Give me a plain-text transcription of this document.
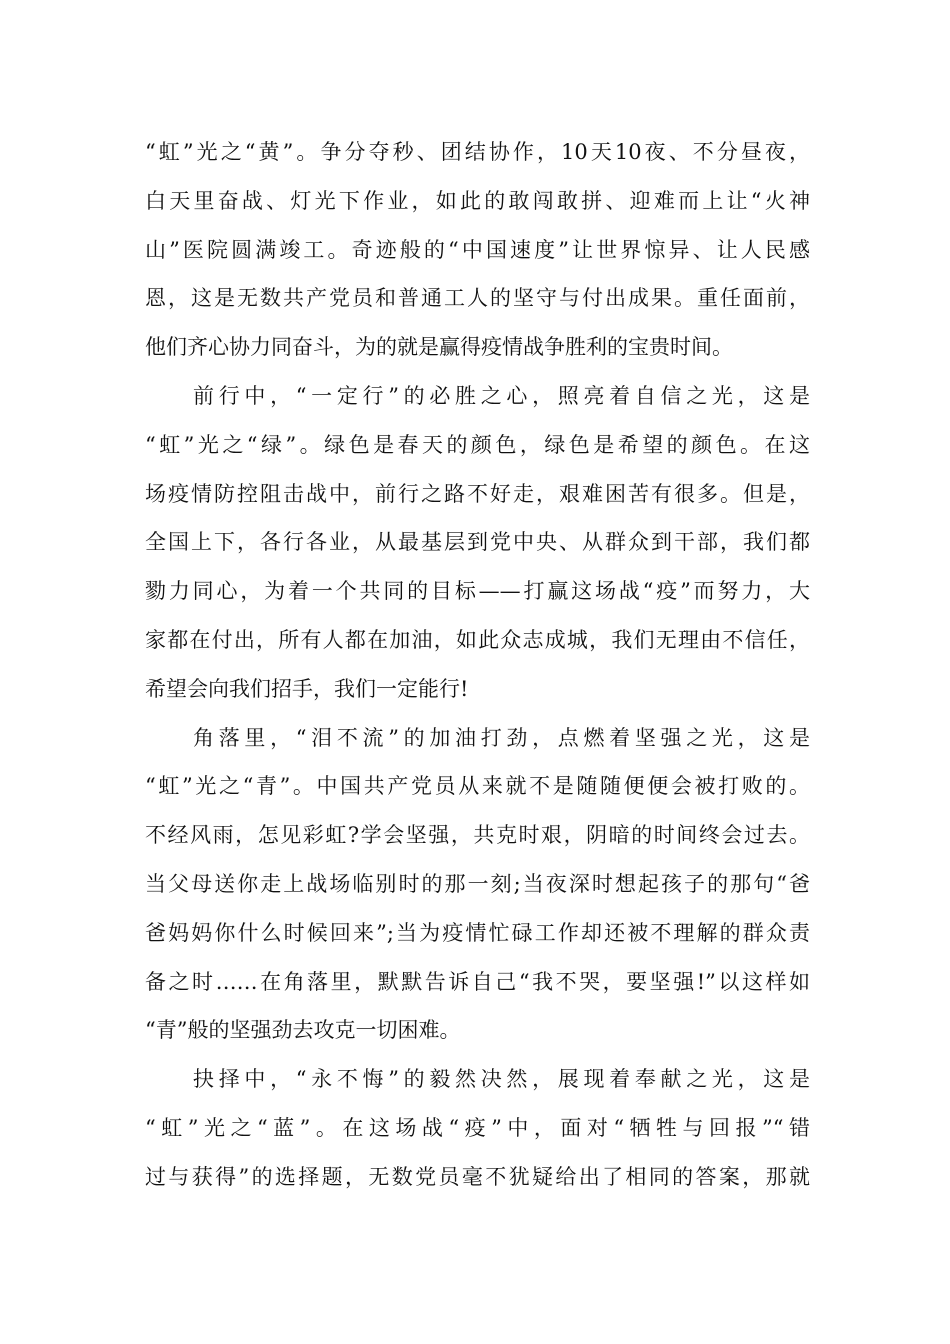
“虹”光之“黄”。争分夺秒、团结协作，10天10夜、不分昼夜，
白天里奋战、灯光下作业，如此的敢闯敢拼、迎难而上让“火神
山”医院圆满竣工。奇迹般的“中国速度”让世界惊异、让人民感
恩，这是无数共产党员和普通工人的坚守与付出成果。重任面前，
他们齐心协力同奋斗，为的就是赢得疫情战争胜利的宝贵时间。
前行中，“一定行”的必胜之心，照亮着自信之光，这是
“虹”光之“绿”。绿色是春天的颜色，绿色是希望的颜色。在这
场疫情防控阻击战中，前行之路不好走，艰难困苦有很多。但是，
全国上下，各行各业，从最基层到党中央、从群众到干部，我们都
勠力同心，为着一个共同的目标——打赢这场战“疫”而努力，大
家都在付出，所有人都在加油，如此众志成城，我们无理由不信任，
希望会向我们招手，我们一定能行!
角落里，“泪不流”的加油打劲，点燃着坚强之光，这是
“虹”光之“青”。中国共产党员从来就不是随随便便会被打败的。
不经风雨，怎见彩虹?学会坚强，共克时艰，阴暗的时间终会过去。
当父母送你走上战场临别时的那一刻;当夜深时想起孩子的那句“爸
爸妈妈你什么时候回来”;当为疫情忙碌工作却还被不理解的群众责
备之时……在角落里，默默告诉自己“我不哭，要坚强!”以这样如
“青”般的坚强劲去攻克一切困难。
抉择中，“永不悔”的毅然决然，展现着奉献之光，这是
“虹”光之“蓝”。在这场战“疫”中，面对“牺牲与回报”“错
过与获得”的选择题，无数党员毫不犹疑给出了相同的答案，那就
